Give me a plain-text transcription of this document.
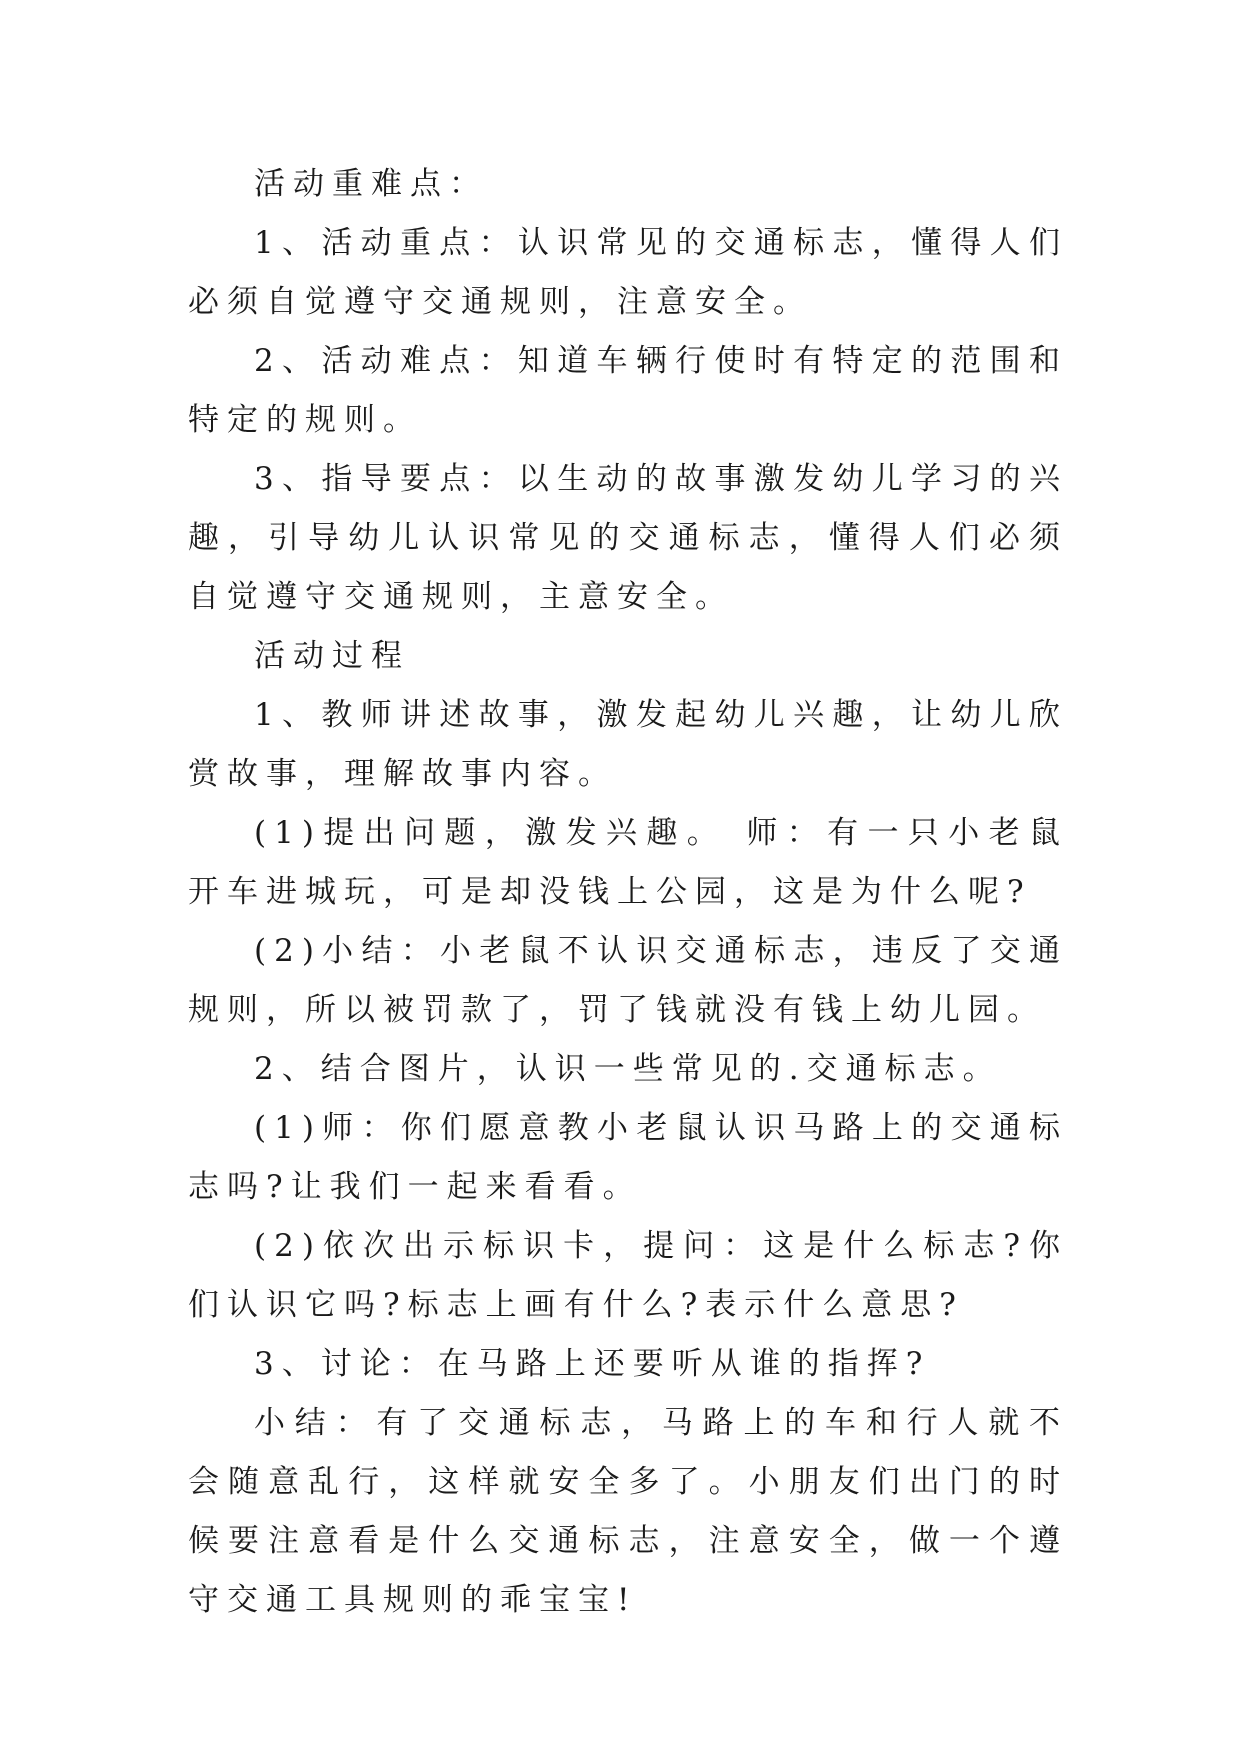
活动重难点：

1、活动重点：认识常见的交通标志，懂得人们必须自觉遵守交通规则，注意安全。

2、活动难点：知道车辆行使时有特定的范围和特定的规则。

3、指导要点：以生动的故事激发幼儿学习的兴趣，引导幼儿认识常见的交通标志，懂得人们必须自觉遵守交通规则，主意安全。

活动过程

1、教师讲述故事，激发起幼儿兴趣，让幼儿欣赏故事，理解故事内容。

(1)提出问题，激发兴趣。 师：有一只小老鼠开车进城玩，可是却没钱上公园，这是为什么呢?

(2)小结：小老鼠不认识交通标志，违反了交通规则，所以被罚款了，罚了钱就没有钱上幼儿园。

2、结合图片，认识一些常见的.交通标志。

(1)师：你们愿意教小老鼠认识马路上的交通标志吗?让我们一起来看看。

(2)依次出示标识卡，提问：这是什么标志?你们认识它吗?标志上画有什么?表示什么意思?

3、讨论：在马路上还要听从谁的指挥?

小结：有了交通标志，马路上的车和行人就不会随意乱行，这样就安全多了。小朋友们出门的时候要注意看是什么交通标志，注意安全，做一个遵守交通工具规则的乖宝宝!
